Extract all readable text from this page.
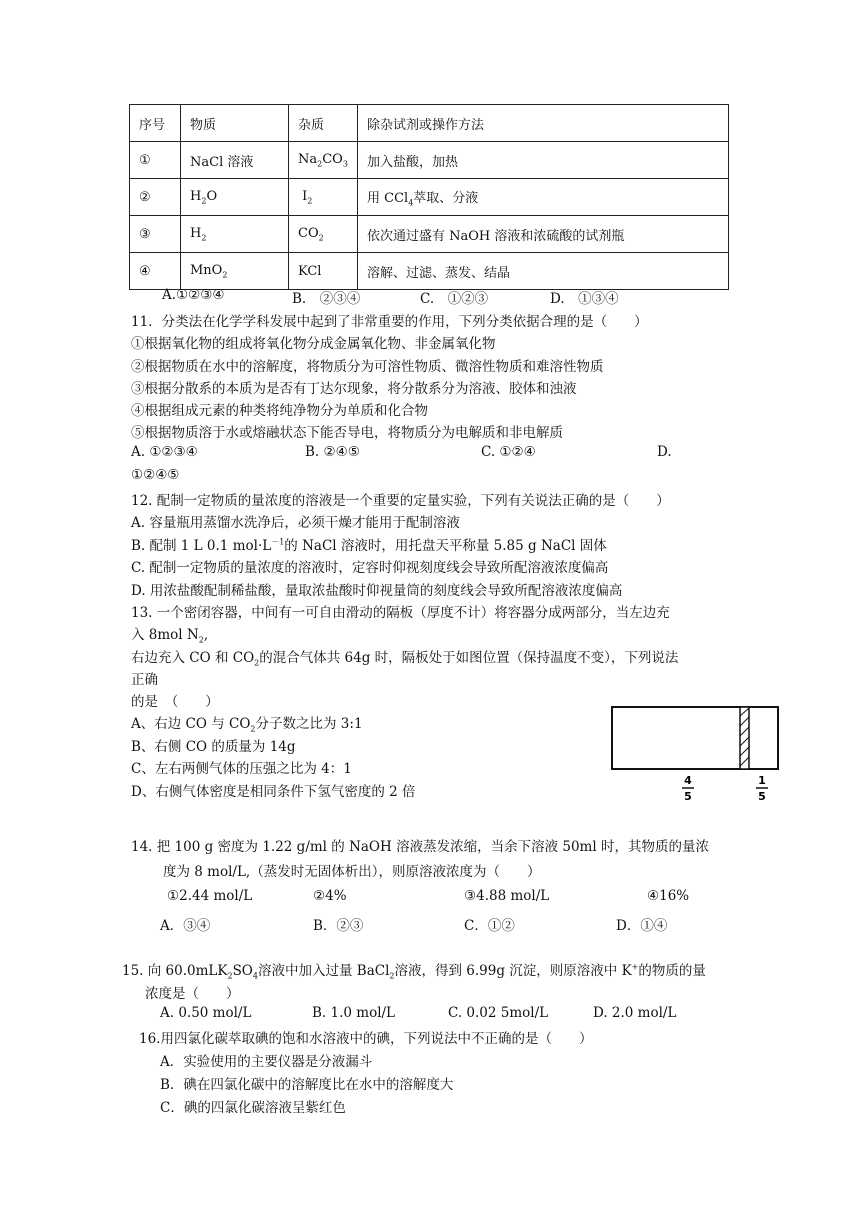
序号	物质	杂质	除杂试剂或操作方法
①	NaCl 溶液	$Na_2CO_3$	加入盐酸，加热
②	$H_2O$	$I_2$	用 CCl$_4$萃取、分液
③	$H_2$	$CO_2$	依次通过盛有 NaOH 溶液和浓硫酸的试剂瓶
④	MnO$_2$	KCl	溶解、过滤、蒸发、结晶
A.①②③④	B.　②③④	C.　①②③	D.　①③④
11．分类法在化学学科发展中起到了非常重要的作用，下列分类依据合理的是（　　）
①根据氧化物的组成将氧化物分成金属氧化物、非金属氧化物
②根据物质在水中的溶解度，将物质分为可溶性物质、微溶性物质和难溶性物质
③根据分散系的本质为是否有丁达尔现象，将分散系分为溶液、胶体和浊液
④根据组成元素的种类将纯净物分为单质和化合物
⑤根据物质溶于水或熔融状态下能否导电，将物质分为电解质和非电解质
A. ①②③④	B. ②④⑤	C. ①②④	D.
①②④⑤
12. 配制一定物质的量浓度的溶液是一个重要的定量实验，下列有关说法正确的是（　　）
A. 容量瓶用蒸馏水洗净后，必须干燥才能用于配制溶液
B. 配制 1 L 0.1 $mol\cdot L^{-1}$的 NaCl 溶液时，用托盘天平称量 5.85 g NaCl 固体
C. 配制一定物质的量浓度的溶液时，定容时仰视刻度线会导致所配溶液浓度偏高
D. 用浓盐酸配制稀盐酸，量取浓盐酸时仰视量筒的刻度线会导致所配溶液浓度偏高
13. 一个密闭容器，中间有一可自由滑动的隔板（厚度不计）将容器分成两部分，当左边充
入 8mol $N_2$,
右边充入 CO 和 $CO_2$的混合气体共 64g 时，隔板处于如图位置（保持温度不变），下列说法
正确
的是　（　　）
A、右边 CO 与 $CO_2$分子数之比为 3:1
B、右侧 CO 的质量为 14g
C、左右两侧气体的压强之比为 4：1
D、右侧气体密度是相同条件下氢气密度的 2 倍
4
5
1
5
14. 把 100 g 密度为 1.22 g/ml 的 NaOH 溶液蒸发浓缩，当余下溶液 50ml 时，其物质的量浓
度为 8 mol/L,（蒸发时无固体析出），则原溶液浓度为（　　）
①2.44 mol/L	②4%	③4.88 mol/L	④16%
A．③④	B．②③	C．①②	D．①④
15. 向 $60.0mLK_2SO_4$溶液中加入过量 BaCl$_2$溶液，得到 6.99g 沉淀，则原溶液中 K+的物质的量
浓度是（　　）
A. 0.50 mol/L	B. 1.0 mol/L	C. 0.02 5mol/L	D. 2.0 mol/L
16.用四氯化碳萃取碘的饱和水溶液中的碘，下列说法中不正确的是（　　）
A．实验使用的主要仪器是分液漏斗
B．碘在四氯化碳中的溶解度比在水中的溶解度大
C．碘的四氯化碳溶液呈紫红色
